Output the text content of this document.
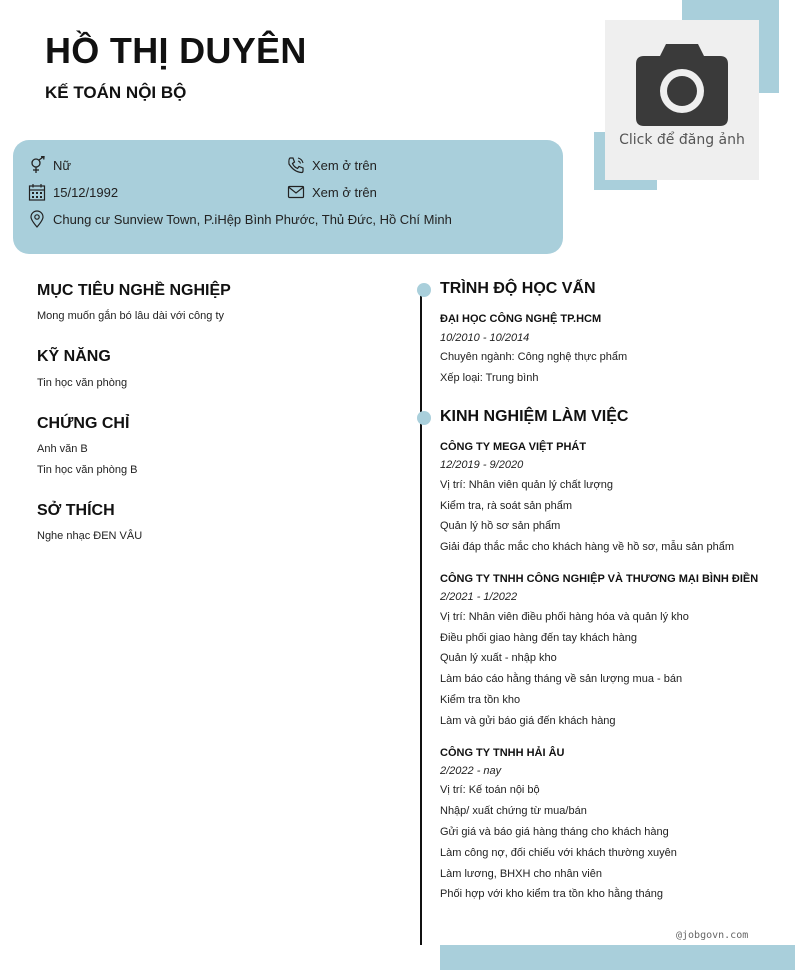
Click để đăng ảnh
HỒ THỊ DUYÊN
KẾ TOÁN NỘI BỘ
Nữ	Xem ở trên
15/12/1992	Xem ở trên
Chung cư Sunview Town, P.iHệp Bình Phước, Thủ Đức, Hồ Chí Minh
MỤC TIÊU NGHỀ NGHIỆP
Mong muốn gắn bó lâu dài với công ty
KỸ NĂNG
Tin học văn phòng
CHỨNG CHỈ
Anh văn B
Tin học văn phòng B
SỞ THÍCH
Nghe nhạc ĐEN VÂU
TRÌNH ĐỘ HỌC VẤN
ĐẠI HỌC CÔNG NGHỆ TP.HCM
10/2010 - 10/2014
Chuyên ngành: Công nghệ thực phẩm
Xếp loại: Trung bình
KINH NGHIỆM LÀM VIỆC
CÔNG TY MEGA VIỆT PHÁT
12/2019 - 9/2020
Vị trí: Nhân viên quản lý chất lượng
Kiểm tra, rà soát sản phẩm
Quản lý hồ sơ sản phẩm
Giải đáp thắc mắc cho khách hàng về hồ sơ, mẫu sản phẩm
CÔNG TY TNHH CÔNG NGHIỆP VÀ THƯƠNG MẠI BÌNH ĐIỀN
2/2021 - 1/2022
Vị trí: Nhân viên điều phối hàng hóa và quản lý kho
Điều phối giao hàng đến tay khách hàng
Quản lý xuất - nhập kho
Làm báo cáo hằng tháng về sản lượng mua - bán
Kiểm tra tồn kho
Làm và gửi báo giá đến khách hàng
CÔNG TY TNHH HẢI ÂU
2/2022 - nay
Vị trí: Kế toán nội bộ
Nhập/ xuất chứng từ mua/bán
Gửi giá và báo giá hàng tháng cho khách hàng
Làm công nợ, đối chiếu với khách thường xuyên
Làm lương, BHXH cho nhân viên
Phối hợp với kho kiểm tra tồn kho hằng tháng
@jobgovn.com
